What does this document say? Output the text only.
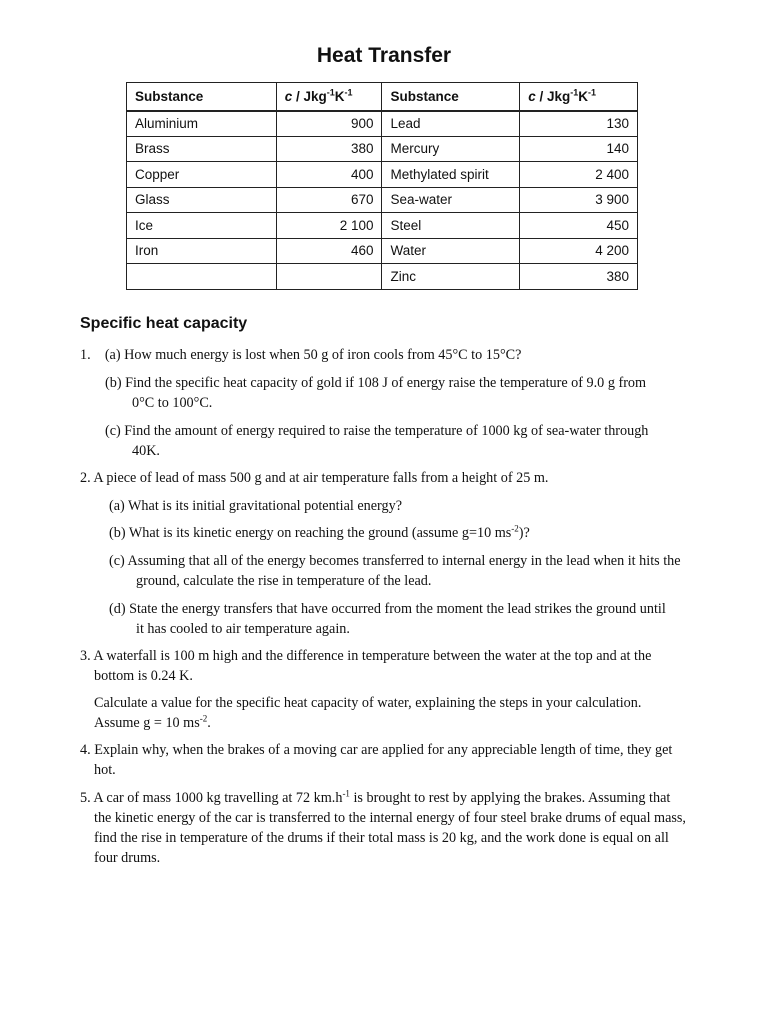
Heat Transfer
Substance	c / $Jkg^{-1}K^{-1}$	Substance	c / $Jkg^{-1}K^{-1}$
Aluminium	900	Lead	130
Brass	380	Mercury	140
Copper	400	Methylated spirit	2 400
Glass	670	Sea-water	3 900
Ice	2 100	Steel	450
Iron	460	Water	4 200
		Zinc	380
Specific heat capacity

1.    (a) How much energy is lost when 50 g of iron cools from 45°C to 15°C?

(b) Find the specific heat capacity of gold if 108 J of energy raise the temperature of 9.0 g from 0°C to 100°C.

(c) Find the amount of energy required to raise the temperature of 1000 kg of sea-water through 40K.

2. A piece of lead of mass 500 g and at air temperature falls from a height of 25 m.

(a) What is its initial gravitational potential energy?

(b) What is its kinetic energy on reaching the ground (assume g=10 $ms^{-2}$)?

(c) Assuming that all of the energy becomes transferred to internal energy in the lead when it hits the ground, calculate the rise in temperature of the lead.

(d) State the energy transfers that have occurred from the moment the lead strikes the ground until it has cooled to air temperature again.

3. A waterfall is 100 m high and the difference in temperature between the water at the top and at the bottom is 0.24 K.

Calculate a value for the specific heat capacity of water, explaining the steps in your calculation. Assume g = 10 $ms^{-2}$.

4. Explain why, when the brakes of a moving car are applied for any appreciable length of time, they get hot.

5. A car of mass 1000 kg travelling at 72 $km.h^{-1}$ is brought to rest by applying the brakes. Assuming that the kinetic energy of the car is transferred to the internal energy of four steel brake drums of equal mass, find the rise in temperature of the drums if their total mass is 20 kg, and the work done is equal on all four drums.
